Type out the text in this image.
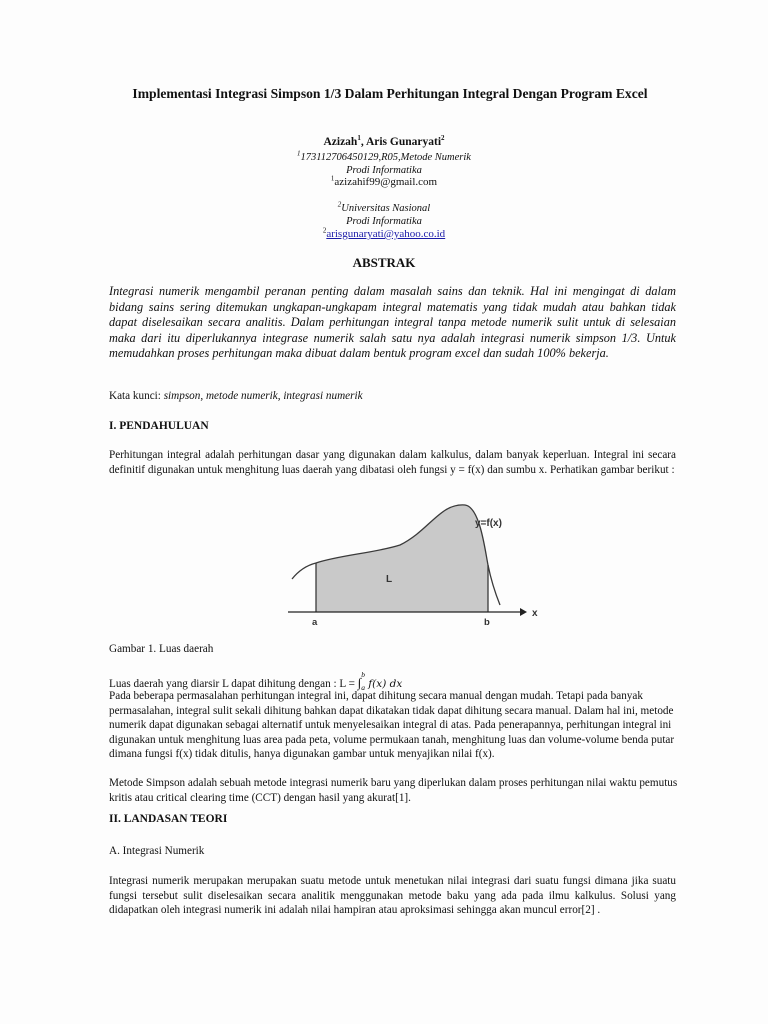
Implementasi Integrasi Simpson 1/3 Dalam Perhitungan Integral Dengan Program Excel
Azizah$^1$, Aris Gunaryati$^2$
$^1$173112706450129,R05,Metode Numerik
Prodi Informatika
$^1$azizahif99@gmail.com
$^2$Universitas Nasional
Prodi Informatika
$^2$arisgunaryati@yahoo.co.id
ABSTRAK
Integrasi numerik mengambil peranan penting dalam masalah sains dan teknik. Hal ini mengingat di dalam bidang sains sering ditemukan ungkapan-ungkapam integral matematis yang tidak mudah atau bahkan tidak dapat diselesaikan secara analitis. Dalam perhitungan integral tanpa metode numerik sulit untuk di selesaian maka dari itu diperlukannya integrase numerik salah satu nya adalah integrasi numerik simpson 1/3. Untuk memudahkan proses perhitungan maka dibuat dalam bentuk program excel dan sudah 100% bekerja.
Kata kunci: simpson, metode numerik, integrasi numerik
I. PENDAHULUAN
Perhitungan integral adalah perhitungan dasar yang digunakan dalam kalkulus, dalam banyak keperluan. Integral ini secara definitif digunakan untuk menghitung luas daerah yang dibatasi oleh fungsi y = f(x) dan sumbu x. Perhatikan gambar berikut :
y=f(x)
L
x
a	b
Gambar 1. Luas daerah
Luas daerah yang diarsir L dapat dihitung dengan : L = ∫
b
a f(x) dx
Pada beberapa permasalahan perhitungan integral ini, dapat dihitung secara manual dengan mudah. Tetapi pada banyak permasalahan, integral sulit sekali dihitung bahkan dapat dikatakan tidak dapat dihitung secara manual. Dalam hal ini, metode numerik dapat digunakan sebagai alternatif untuk menyelesaikan integral di atas. Pada penerapannya, perhitungan integral ini digunakan untuk menghitung luas area pada peta, volume permukaan tanah, menghitung luas dan volume-volume benda putar dimana fungsi f(x) tidak ditulis, hanya digunakan gambar untuk menyajikan nilai f(x).
Metode Simpson adalah sebuah metode integrasi numerik baru yang diperlukan dalam proses perhitungan nilai waktu pemutus kritis atau critical clearing time (CCT) dengan hasil yang akurat[1].
II. LANDASAN TEORI
A. Integrasi Numerik
Integrasi numerik merupakan merupakan suatu metode untuk menetukan nilai integrasi dari suatu fungsi dimana jika suatu fungsi tersebut sulit diselesaikan secara analitik menggunakan metode baku yang ada pada ilmu kalkulus. Solusi yang didapatkan oleh integrasi numerik ini adalah nilai hampiran atau aproksimasi sehingga akan muncul error[2] .
